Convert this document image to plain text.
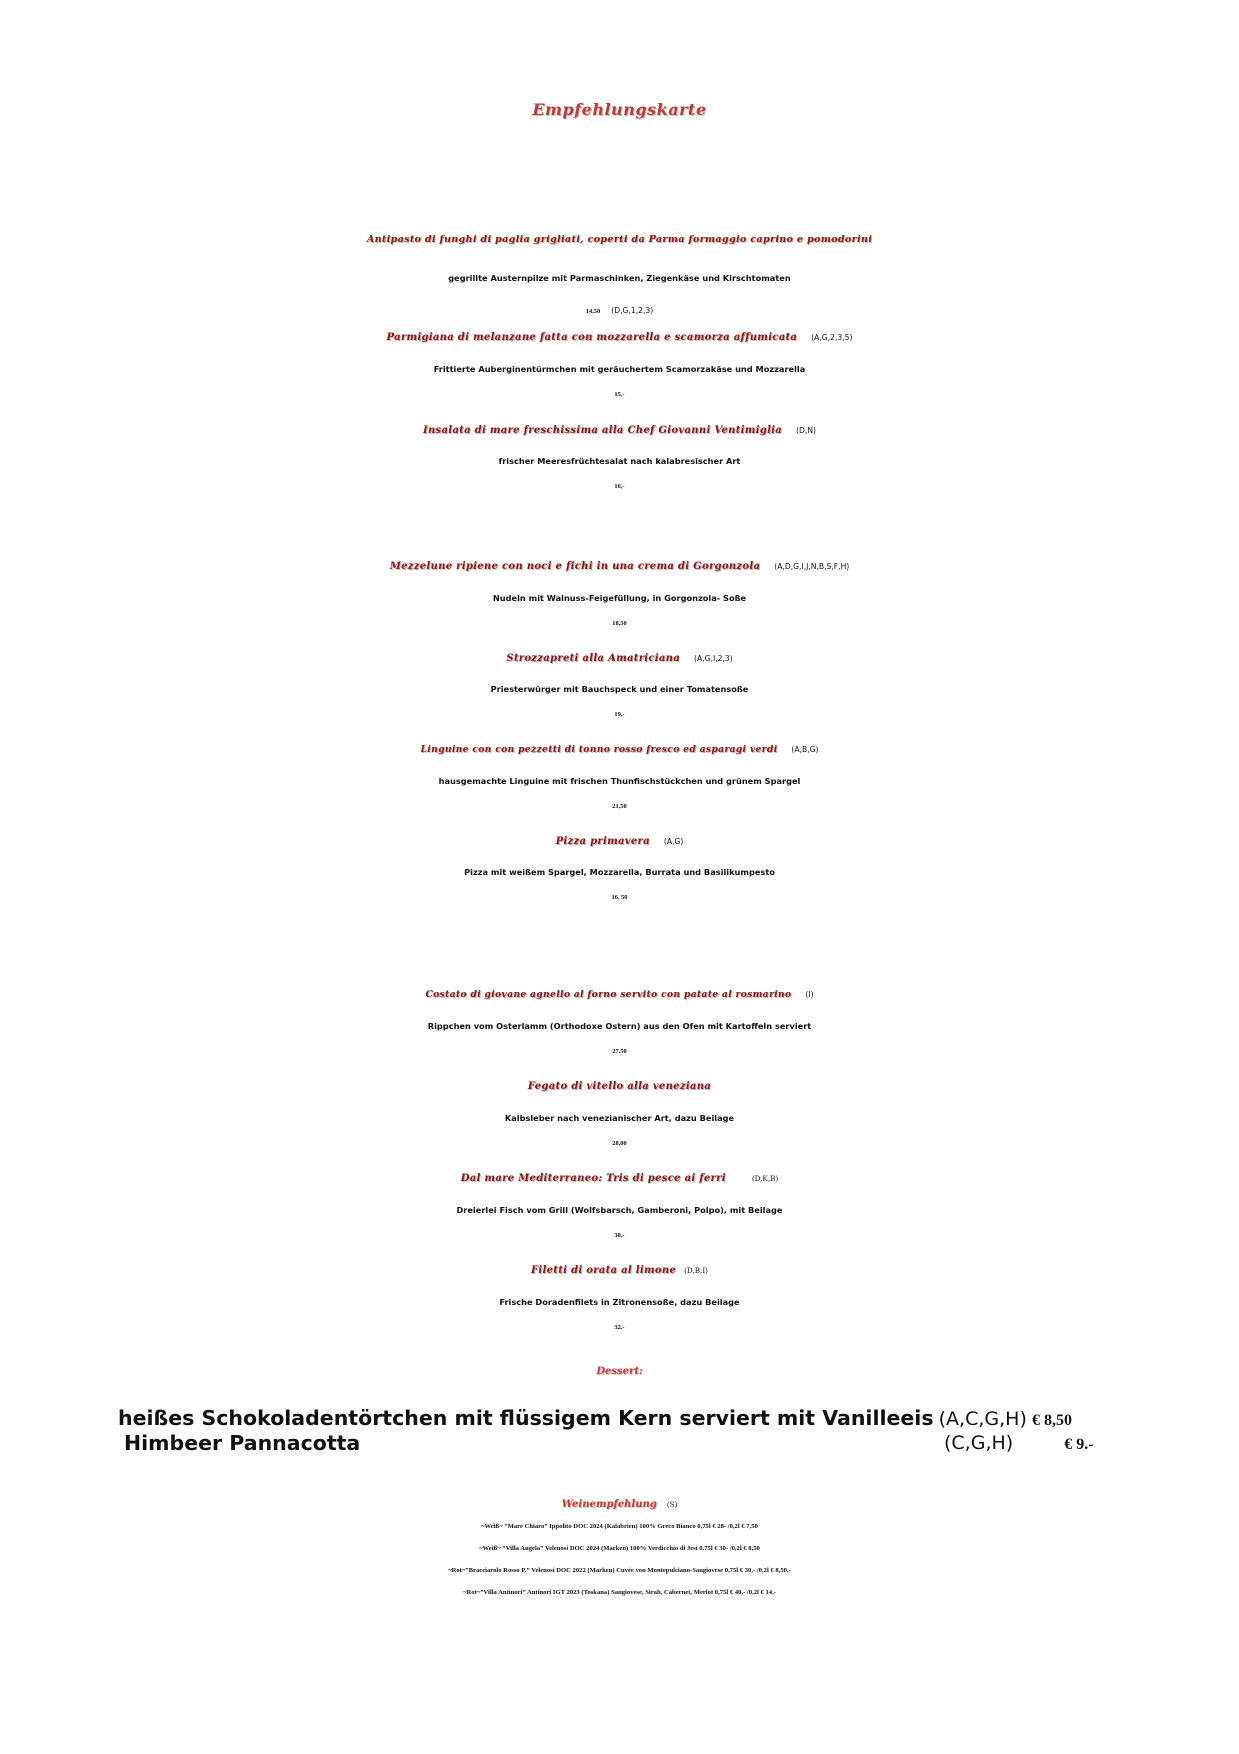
Empfehlungskarte
Antipasto di funghi di paglia grigliati, coperti da Parma formaggio caprino e pomodorini
gegrillte Austernpilze mit Parmaschinken, Ziegenkäse und Kirschtomaten
14,50 (D,G,1,2,3)
Parmigiana di melanzane fatta con mozzarella e scamorza affumicata (A,G,2,3,5)
Frittierte Auberginentürmchen mit geräuchertem Scamorzakäse und Mozzarella
15,-
Insalata di mare freschissima alla Chef Giovanni Ventimiglia (D,N)
frischer Meeresfrüchtesalat nach kalabresischer Art
16,-
Mezzelune ripiene con noci e fichi in una crema di Gorgonzola (A,D,G,I,J,N,B,S,F,H)
Nudeln mit Walnuss-Feigefüllung, in Gorgonzola- Soße
18,50
Strozzapreti alla Amatriciana (A,G,I,2,3)
Priesterwürger mit Bauchspeck und einer Tomatensoße
19,-
Linguine con con pezzetti di tonno rosso fresco ed asparagi verdi (A,B,G)
hausgemachte Linguine mit frischen Thunfischstückchen und grünem Spargel
21,50
Pizza primavera (A,G)
Pizza mit weißem Spargel, Mozzarella, Burrata und Basilikumpesto
16, 50
Costato di giovane agnello al forno servito con patate al rosmarino (I)
Rippchen vom Osterlamm (Orthodoxe Ostern) aus den Ofen mit Kartoffeln serviert
27,50
Fegato di vitello alla veneziana
Kalbsleber nach venezianischer Art, dazu Beilage
28,00
Dal mare Mediterraneo: Tris di pesce ai ferri	(D,K,B)
Dreierlei Fisch vom Grill (Wolfsbarsch, Gamberoni, Polpo), mit Beilage
30,-
Filetti di orata al limone (D,B,I)
Frische Doradenfilets in Zitronensoße, dazu Beilage
32,-
Dessert:
heißes Schokoladentörtchen mit flüssigem Kern serviert mit Vanilleeis (A,C,G,H) € 8,50
Himbeer Pannacotta	(C,G,H)	€ 9.-
Weinempfehlung (S)
~Weiß~ “Mare Chiaro” Ippolito DOC 2024 (Kalabrien) 100% Greco Bianco 0,75l € 28- /0,2l € 7,50
~Weiß~ “Villa Angela” Velenosi DOC 2024 (Marken) 100% Verdicchio di Jesi 0,75l € 30- /0,2l € 8,50
~Rot~”Bracciarolo Rosso P.” Velenosi DOC 2022 (Marken) Cuvée von Montepulciano-Sangiovese 0,75l € 30,- /0,2l € 8,50,-
~Rot~”Villa Antinori” Antinori IGT 2023 (Toskana) Sangiovese, Sirah, Cabernet, Merlot 0,75l € 40,- /0,2l € 14,-
